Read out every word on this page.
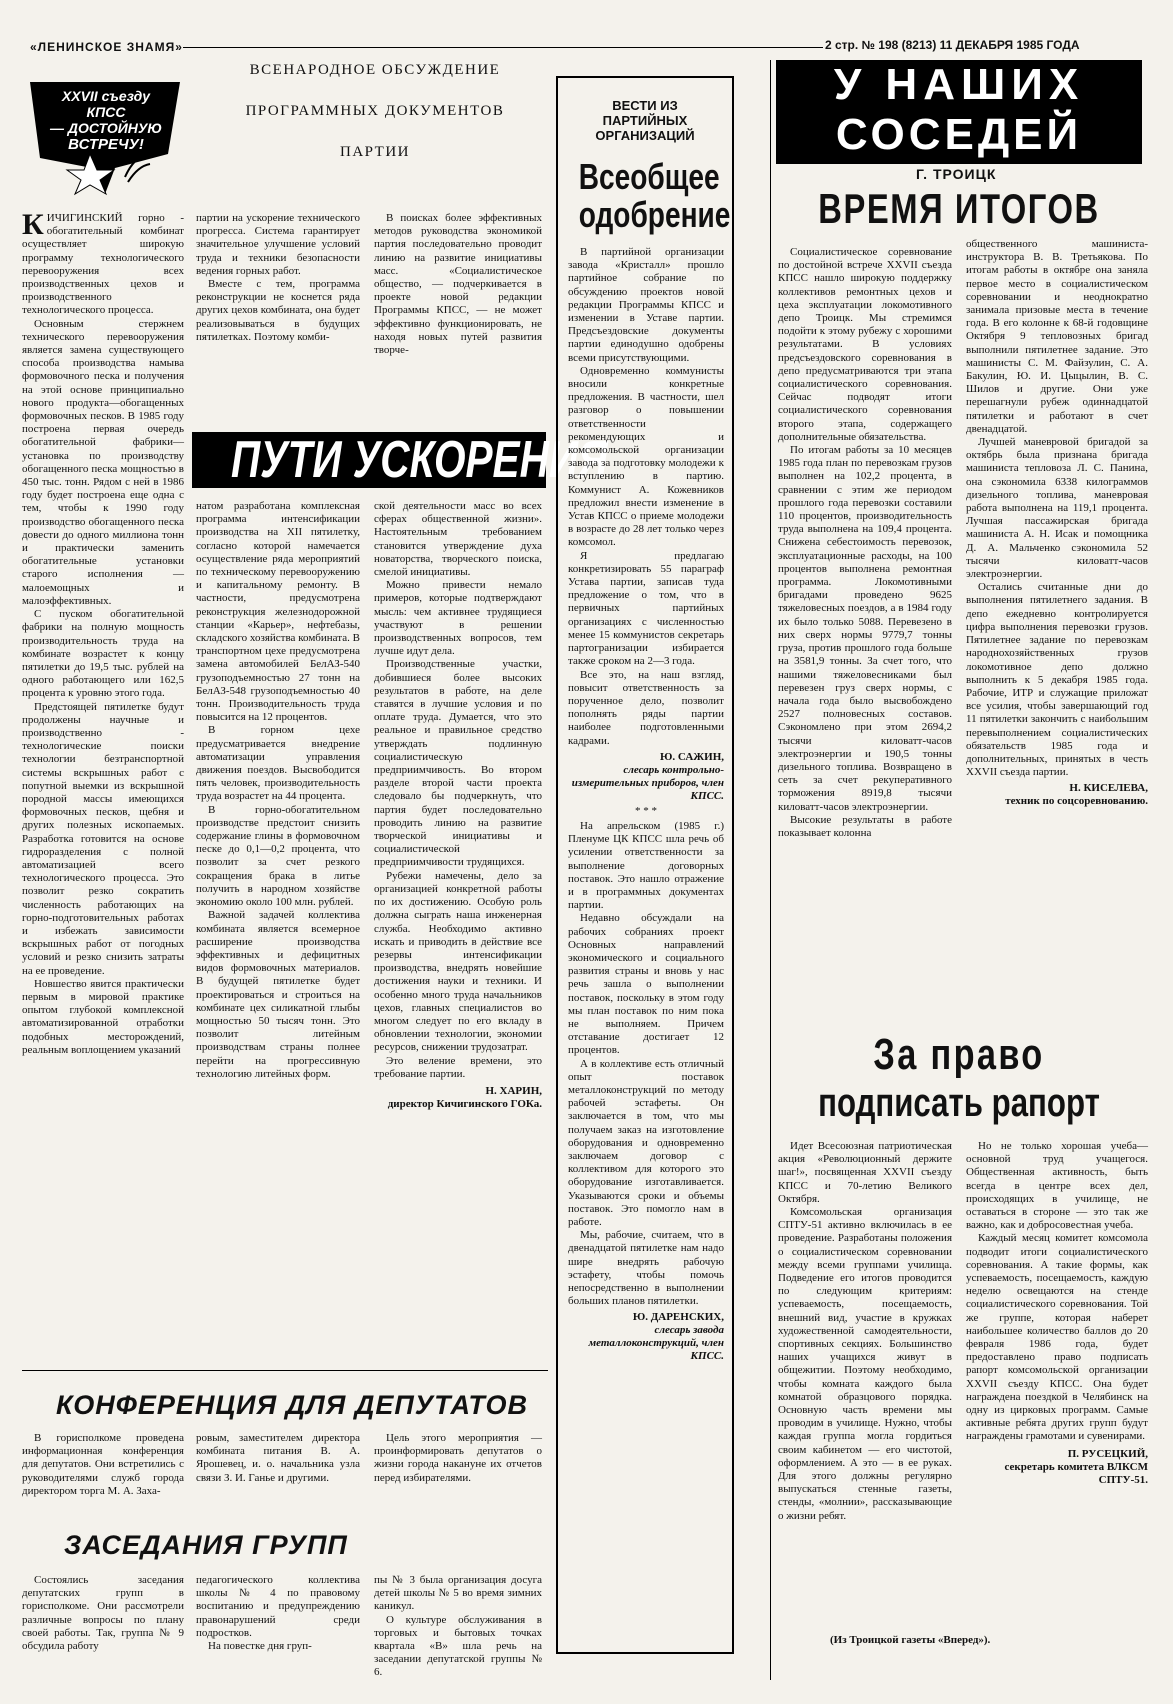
«ЛЕНИНСКОЕ ЗНАМЯ»	2 стр. № 198 (8213) 11 ДЕКАБРЯ 1985 ГОДА
XXVII съезду КПСС
— ДОСТОЙНУЮ
ВСТРЕЧУ!
ВСЕНАРОДНОЕ ОБСУЖДЕНИЕ
ПРОГРАММНЫХ ДОКУМЕНТОВ
ПАРТИИ

КИЧИГИНСКИЙ горно - обогатительный комбинат осуществляет широкую программу технологического перевооружения всех производственных цехов и производственного технологического процесса.

Основным стержнем технического перевооружения является замена существующего способа производства намыва формовочного песка и получения на этой основе принципиально нового продукта—обогащенных формовочных песков. В 1985 году построена первая очередь обогатительной фабрики— установка по производству обогащенного песка мощностью в 450 тыс. тонн. Рядом с ней в 1986 году будет построена еще одна с тем, чтобы к 1990 году производство обогащенного песка довести до одного миллиона тонн и практически заменить обогатительные установки старого исполнения — малоемощных и малоэффективных.

С пуском обогатительной фабрики на полную мощность производительность труда на комбинате возрастет к концу пятилетки до 19,5 тыс. рублей на одного работающего или 162,5 процента к уровню этого года.

Предстоящей пятилетке будут продолжены научные и производственно - технологические поиски технологии безтранспортной системы вскрышных работ с попутной выемки из вскрышной породной массы имеющихся формовочных песков, щебня и других полезных ископаемых. Разработка готовится на основе гидроразделения с полной автоматизацией всего технологического процесса. Это позволит резко сократить численность работающих на горно-подготовительных работах и избежать зависимости вскрышных работ от погодных условий и резко снизить затраты на ее проведение.

Новшество явится практически первым в мировой практике опытом глубокой комплексной автоматизированной отработки подобных месторождений, реальным воплощением указаний

партии на ускорение технического прогресса. Система гарантирует значительное улучшение условий труда и техники безопасности ведения горных работ.

Вместе с тем, программа реконструкции не коснется ряда других цехов комбината, она будет реализовываться в будущих пятилетках. Поэтому комби-

В поисках более эффективных методов руководства экономикой партия последовательно проводит линию на развитие инициативы масс. «Социалистическое общество, — подчеркивается в проекте новой редакции Программы КПСС, — не может эффективно функционировать, не находя новых путей развития творче-

ПУТИ УСКОРЕНИЯ

натом разработана комплексная программа интенсификации производства на XII пятилетку, согласно которой намечается осуществление ряда мероприятий по техническому перевооружению и капитальному ремонту. В частности, предусмотрена реконструкция железнодорожной станции «Карьер», нефтебазы, складского хозяйства комбината. В транспортном цехе предусмотрена замена автомобилей БелАЗ-540 грузоподъемностью 27 тонн на БелАЗ-548 грузоподъемностью 40 тонн. Производительность труда повысится на 12 процентов.

В горном цехе предусматривается внедрение автоматизации управления движения поездов. Высвободится пять человек, производительность труда возрастет на 44 процента.

В горно-обогатительном производстве предстоит снизить содержание глины в формовочном песке до 0,1—0,2 процента, что позволит за счет резкого сокращения брака в литье получить в народном хозяйстве экономию около 100 млн. рублей.

Важной задачей коллектива комбината является всемерное расширение производства эффективных и дефицитных видов формовочных материалов. В будущей пятилетке будет проектироваться и строиться на комбинате цех силикатной глыбы мощностью 50 тысяч тонн. Это позволит литейным производствам страны полнее перейти на прогрессивную технологию литейных форм.

ской деятельности масс во всех сферах общественной жизни». Настоятельным требованием становится утверждение духа новаторства, творческого поиска, смелой инициативы.

Можно привести немало примеров, которые подтверждают мысль: чем активнее трудящиеся участвуют в решении производственных вопросов, тем лучше идут дела.

Производственные участки, добившиеся более высоких результатов в работе, на деле ставятся в лучшие условия и по оплате труда. Думается, что это реальное и правильное средство утверждать подлинную социалистическую предприимчивость. Во втором разделе второй части проекта следовало бы подчеркнуть, что партия будет последовательно проводить линию на развитие творческой инициативы и социалистической предприимчивости трудящихся.

Рубежи намечены, дело за организацией конкретной работы по их достижению. Особую роль должна сыграть наша инженерная служба. Необходимо активно искать и приводить в действие все резервы интенсификации производства, внедрять новейшие достижения науки и техники. И особенно много труда начальников цехов, главных специалистов во многом следует по его вкладу в обновлении технологии, экономии ресурсов, снижении трудозатрат.

Это веление времени, это требование партии.

Н. ХАРИН,
директор Кичигинского ГОКа.
ВЕСТИ ИЗ
ПАРТИЙНЫХ
ОРГАНИЗАЦИЙ
Всеобщее
одобрение

В партийной организации завода «Кристалл» прошло партийное собрание по обсуждению проектов новой редакции Программы КПСС и изменении в Уставе партии. Предсъездовские документы партии единодушно одобрены всеми присутствующими.

Одновременно коммунисты вносили конкретные предложения. В частности, шел разговор о повышении ответственности рекомендующих и комсомольской организации завода за подготовку молодежи к вступлению в партию. Коммунист А. Кожевников предложил внести изменение в Устав КПСС о приеме молодежи в возрасте до 28 лет только через комсомол.

Я предлагаю конкретизировать 55 параграф Устава партии, записав туда предложение о том, что в первичных партийных организациях с численностью менее 15 коммунистов секретарь партогранизации избирается также сроком на 2—3 года.

Все это, на наш взгляд, повысит ответственность за порученное дело, позволит пополнять ряды партии наиболее подготовленными кадрами.

Ю. САЖИН,
слесарь контрольно-измерительных приборов, член КПСС.
* * *

На апрельском (1985 г.) Пленуме ЦК КПСС шла речь об усилении ответственности за выполнение договорных поставок. Это нашло отражение и в программных документах партии.

Недавно обсуждали на рабочих собраниях проект Основных направлений экономического и социального развития страны и вновь у нас речь зашла о выполнении поставок, поскольку в этом году мы план поставок по ним пока не выполняем. Причем отставание достигает 12 процентов.

А в коллективе есть отличный опыт поставок металлоконструкций по методу рабочей эстафеты. Он заключается в том, что мы получаем заказ на изготовление оборудования и одновременно заключаем договор с коллективом для которого это оборудование изготавливается. Указываются сроки и объемы поставок. Это помогло нам в работе.

Мы, рабочие, считаем, что в двенадцатой пятилетке нам надо шире внедрять рабочую эстафету, чтобы помочь непосредственно в выполнении больших планов пятилетки.

Ю. ДАРЕНСКИХ,
слесарь завода металлоконструкций, член КПСС.
У НАШИХ
СОСЕДЕЙ
Г. ТРОИЦК
ВРЕМЯ ИТОГОВ

Социалистическое соревнование по достойной встрече XXVII съезда КПСС нашло широкую поддержку коллективов ремонтных цехов и цеха эксплуатации локомотивного депо Троицк. Мы стремимся подойти к этому рубежу с хорошими результатами. В условиях предсъездовского соревнования в депо предусматриваются три этапа социалистического соревнования. Сейчас подводят итоги социалистического соревнования второго этапа, содержащего дополнительные обязательства.

По итогам работы за 10 месяцев 1985 года план по перевозкам грузов выполнен на 102,2 процента, в сравнении с этим же периодом прошлого года перевозки составили 110 процентов, производительность труда выполнена на 109,4 процента. Снижена себестоимость перевозок, эксплуатационные расходы, на 100 процентов выполнена ремонтная программа. Локомотивными бригадами проведено 9625 тяжеловесных поездов, а в 1984 году их было только 5088. Перевезено в них сверх нормы 9779,7 тонны груза, против прошлого года больше на 3581,9 тонны. За счет того, что нашими тяжеловесниками был перевезен груз сверх нормы, с начала года было высвобождено 2527 полновесных составов. Сэкономлено при этом 2694,2 тысячи киловатт-часов электроэнергии и 190,5 тонны дизельного топлива. Возвращено в сеть за счет рекуперативного торможения 8919,8 тысячи киловатт-часов электроэнергии.

Высокие результаты в работе показывает колонна

общественного машиниста-инструктора В. В. Третьякова. По итогам работы в октябре она заняла первое место в социалистическом соревновании и неоднократно занимала призовые места в течение года. В его колонне к 68-й годовщине Октября 9 тепловозных бригад выполнили пятилетнее задание. Это машинисты С. М. Файзулин, С. А. Бакулин, Ю. И. Цыцылин, В. С. Шилов и другие. Они уже перешагнули рубеж одиннадцатой пятилетки и работают в счет двенадцатой.

Лучшей маневровой бригадой за октябрь была признана бригада машиниста тепловоза Л. С. Панина, она сэкономила 6338 килограммов дизельного топлива, маневровая работа выполнена на 119,1 процента. Лучшая пассажирская бригада машиниста А. Н. Исак и помощника Д. А. Мальченко сэкономила 52 тысячи киловатт-часов электроэнергии.

Остались считанные дни до выполнения пятилетнего задания. В депо ежедневно контролируется цифра выполнения перевозки грузов. Пятилетнее задание по перевозкам народнохозяйственных грузов локомотивное депо должно выполнить к 5 декабря 1985 года. Рабочие, ИТР и служащие приложат все усилия, чтобы завершающий год 11 пятилетки закончить с наибольшим перевыполнением социалистических обязательств 1985 года и дополнительных, принятых в честь XXVII съезда партии.

Н. КИСЕЛЕВА,
техник по соцсоревнованию.
За право
подписать рапорт

Идет Всесоюзная патриотическая акция «Революционный держите шаг!», посвященная XXVII съезду КПСС и 70-летию Великого Октября.

Комсомольская организация СПТУ-51 активно включилась в ее проведение. Разработаны положения о социалистическом соревновании между всеми группами училища. Подведение его итогов проводится по следующим критериям: успеваемость, посещаемость, внешний вид, участие в кружках художественной самодеятельности, спортивных секциях. Большинство наших учащихся живут в общежитии. Поэтому необходимо, чтобы комната каждого была комнатой образцового порядка. Основную часть времени мы проводим в училище. Нужно, чтобы каждая группа могла гордиться своим кабинетом — его чистотой, оформлением. А это — в ее руках. Для этого должны регулярно выпускаться стенные газеты, стенды, «молнии», рассказывающие о жизни ребят.

Но не только хорошая учеба—основной труд учащегося. Общественная активность, быть всегда в центре всех дел, происходящих в училище, не оставаться в стороне — это так же важно, как и добросовестная учеба.

Каждый месяц комитет комсомола подводит итоги социалистического соревнования. А такие формы, как успеваемость, посещаемость, каждую неделю освещаются на стенде социалистического соревнования. Той же группе, которая наберет наибольшее количество баллов до 20 февраля 1986 года, будет предоставлено право подписать рапорт комсомольской организации XXVII съезду КПСС. Она будет награждена поездкой в Челябинск на одну из цирковых программ. Самые активные ребята других групп будут награждены грамотами и сувенирами.

П. РУСЕЦКИЙ,
секретарь комитета ВЛКСМ СПТУ-51.
(Из Троицкой газеты «Вперед»).
КОНФЕРЕНЦИЯ ДЛЯ ДЕПУТАТОВ

В горисполкоме проведена информационная конференция для депутатов. Они встретились с руководителями служб города директором торга М. А. Заха-

ровым, заместителем директора комбината питания В. А. Ярошевец, и. о. начальника узла связи З. И. Ганье и другими.

Цель этого мероприятия — проинформировать депутатов о жизни города накануне их отчетов перед избирателями.

ЗАСЕДАНИЯ ГРУПП

Состоялись заседания депутатских групп в горисполкоме. Они рассмотрели различные вопросы по плану своей работы. Так, группа № 9 обсудила работу

педагогического коллектива школы № 4 по правовому воспитанию и предупреждению правонарушений среди подростков.

На повестке дня груп-

пы № 3 была организация досуга детей школы № 5 во время зимних каникул.

О культуре обслуживания в торговых и бытовых точках квартала «В» шла речь на заседании депутатской группы № 6.
